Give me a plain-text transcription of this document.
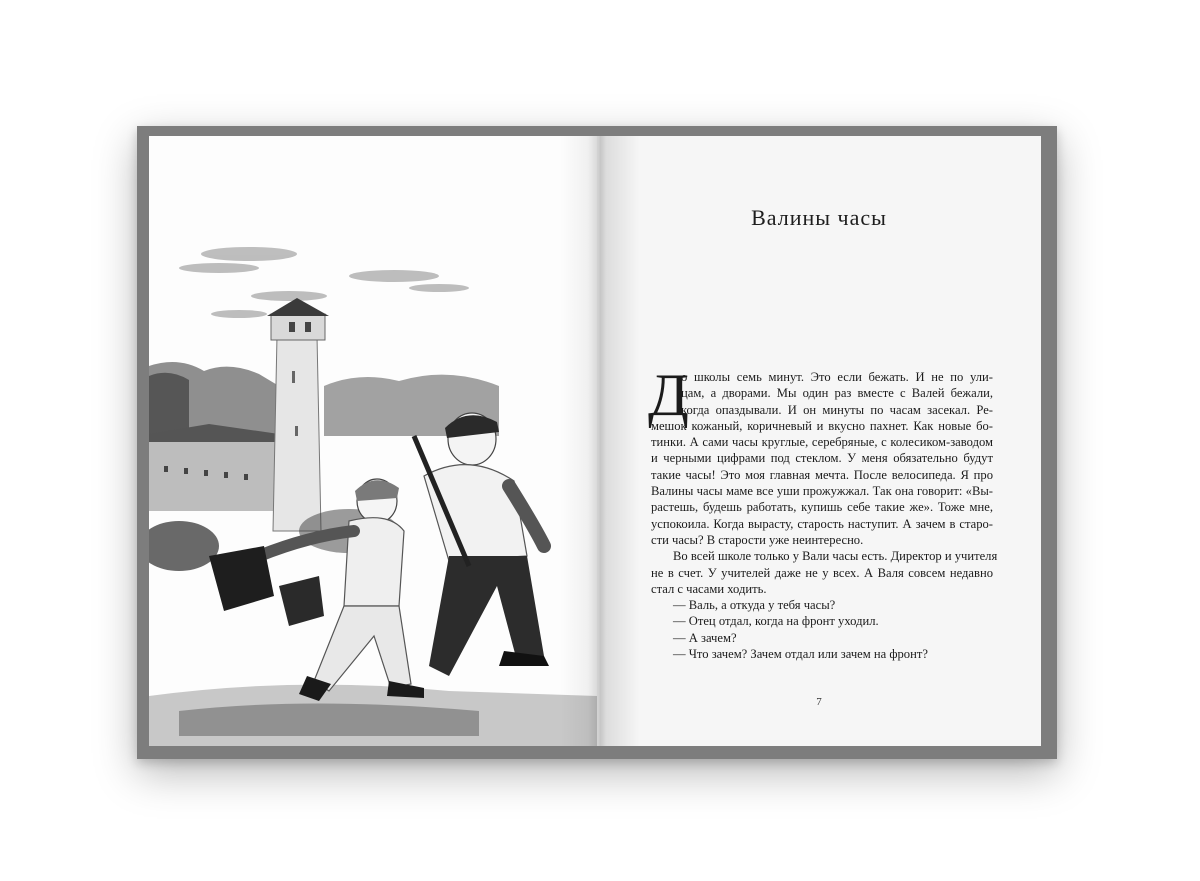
Валины часы
Д
о школы семь минут. Это если бежать. И не по ули-
цам, а дворами. Мы один раз вместе с Валей бежали,
когда опаздывали. И он минуты по часам засекал. Ре-
мешок кожаный, коричневый и вкусно пахнет. Как новые бо-
тинки. А сами часы круглые, серебряные, с колесиком-заводом
и черными цифрами под стеклом. У меня обязательно будут
такие часы! Это моя главная мечта. После велосипеда. Я про
Валины часы маме все уши прожужжал. Так она говорит: «Вы-
растешь, будешь работать, купишь себе такие же». Тоже мне,
успокоила. Когда вырасту, старость наступит. А зачем в старо-
сти часы? В старости уже неинтересно.
Во всей школе только у Вали часы есть. Директор и учителя
не в счет. У учителей даже не у всех. А Валя совсем недавно
стал с часами ходить.
— Валь, а откуда у тебя часы?
— Отец отдал, когда на фронт уходил.
— А зачем?
— Что зачем? Зачем отдал или зачем на фронт?
7
